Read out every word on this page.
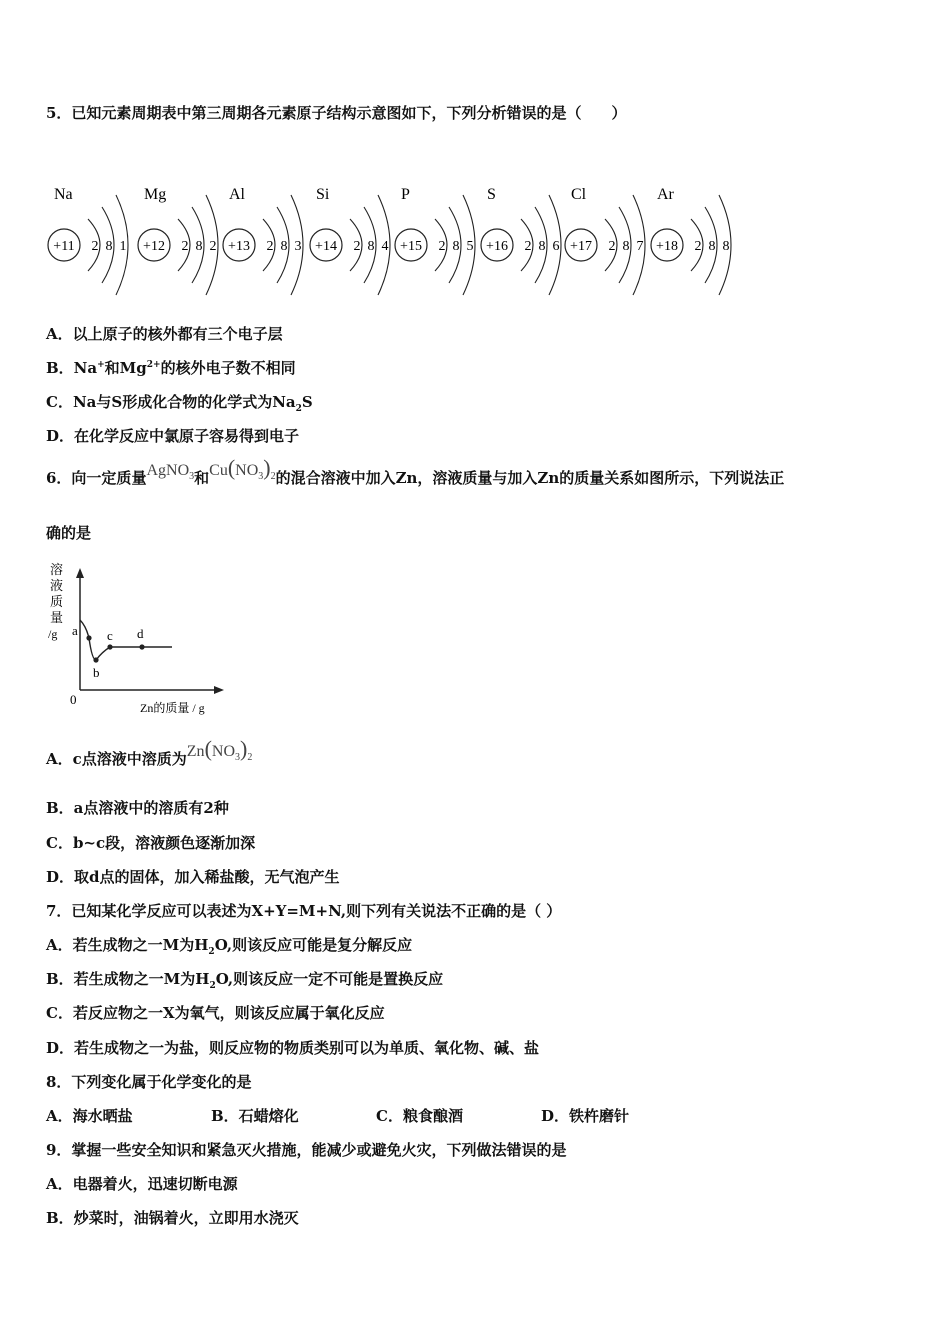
5．已知元素周期表中第三周期各元素原子结构示意图如下，下列分析错误的是（　　）
Na
+11 2 8 1
Mg
+12 2 8 2
Al
+13 2 8 3
Si
+14 2 8 4
P
+15 2 8 5
S
+16 2 8 6
Cl
+17 2 8 7
Ar
+18 2 8 8
A．以上原子的核外都有三个电子层
B．Na+和$Mg^{2+}$的核外电子数不相同
C．Na与S形成化合物的化学式为$Na_2S$
D．在化学反应中氯原子容易得到电子
6．向一定质量AgNO$_3$和$Cu(NO_3)_2$的混合溶液中加入Zn，溶液质量与加入Zn的质量关系如图所示，下列说法正
确的是
溶
液
质
量
/g
0
Zn的质量 / g
a
b
c d
A．c点溶液中溶质为$Zn(NO_3)_2$
B．a点溶液中的溶质有2种
C．b~c段，溶液颜色逐渐加深
D．取d点的固体，加入稀盐酸，无气泡产生
7．已知某化学反应可以表述为X+Y=M+N,则下列有关说法不正确的是（ ）
A．若生成物之一M为$H_2O$,则该反应可能是复分解反应
B．若生成物之一M为$H_2O$,则该反应一定不可能是置换反应
C．若反应物之一X为氧气，则该反应属于氧化反应
D．若生成物之一为盐，则反应物的物质类别可以为单质、氧化物、碱、盐
8．下列变化属于化学变化的是
A．海水晒盐	B．石蜡熔化	C．粮食酿酒	D．铁杵磨针
9．掌握一些安全知识和紧急灭火措施，能减少或避免火灾，下列做法错误的是
A．电器着火，迅速切断电源
B．炒菜时，油锅着火，立即用水浇灭
